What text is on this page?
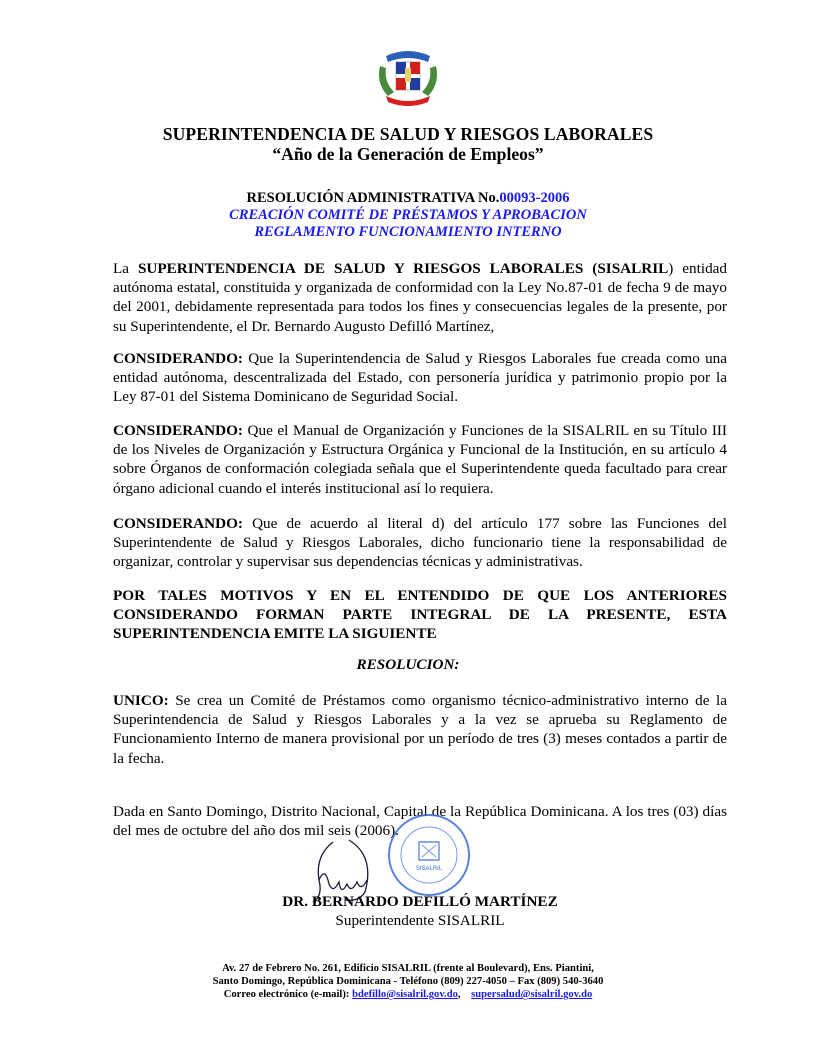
SUPERINTENDENCIA DE SALUD Y RIESGOS LABORALES
“Año de la Generación de Empleos”
RESOLUCIÓN ADMINISTRATIVA No.00093-2006
CREACIÓN COMITÉ DE PRÉSTAMOS Y APROBACION
REGLAMENTO FUNCIONAMIENTO INTERNO
La SUPERINTENDENCIA DE SALUD Y RIESGOS LABORALES (SISALRIL) entidad autónoma estatal, constituida y organizada de conformidad con la Ley No.87-01 de fecha 9 de mayo del 2001, debidamente representada para todos los fines y consecuencias legales de la presente, por su Superintendente, el Dr. Bernardo Augusto Defilló Martínez,
CONSIDERANDO: Que la Superintendencia de Salud y Riesgos Laborales fue creada como una entidad autónoma, descentralizada del Estado, con personería jurídica y patrimonio propio por la Ley 87-01 del Sistema Dominicano de Seguridad Social.
CONSIDERANDO: Que el Manual de Organización y Funciones de la SISALRIL en su Título III de los Niveles de Organización y Estructura Orgánica y Funcional de la Institución, en su artículo 4 sobre Órganos de conformación colegiada señala que el Superintendente queda facultado para crear órgano adicional cuando el interés institucional así lo requiera.
CONSIDERANDO: Que de acuerdo al literal d) del artículo 177 sobre las Funciones del Superintendente de Salud y Riesgos Laborales, dicho funcionario tiene la responsabilidad de organizar, controlar y supervisar sus dependencias técnicas y administrativas.
POR TALES MOTIVOS Y EN EL ENTENDIDO DE QUE LOS ANTERIORES CONSIDERANDO FORMAN PARTE INTEGRAL DE LA PRESENTE, ESTA SUPERINTENDENCIA EMITE LA SIGUIENTE
RESOLUCION:
UNICO: Se crea un Comité de Préstamos como organismo técnico-administrativo interno de la Superintendencia de Salud y Riesgos Laborales y a la vez se aprueba su Reglamento de Funcionamiento Interno de manera provisional por un período de tres (3) meses contados a partir de la fecha.
Dada en Santo Domingo, Distrito Nacional, Capital de la República Dominicana. A los tres (03) días del mes de octubre del año dos mil seis (2006).
SISALRIL
DR. BERNARDO DEFILLÓ MARTÍNEZ
Superintendente SISALRIL
Av. 27 de Febrero No. 261, Edificio SISALRIL (frente al Boulevard), Ens. Piantini,
Santo Domingo, República Dominicana - Teléfono (809) 227-4050 – Fax (809) 540-3640
Correo electrónico (e-mail): bdefillo@sisalril.gov.do,    supersalud@sisalril.gov.do
